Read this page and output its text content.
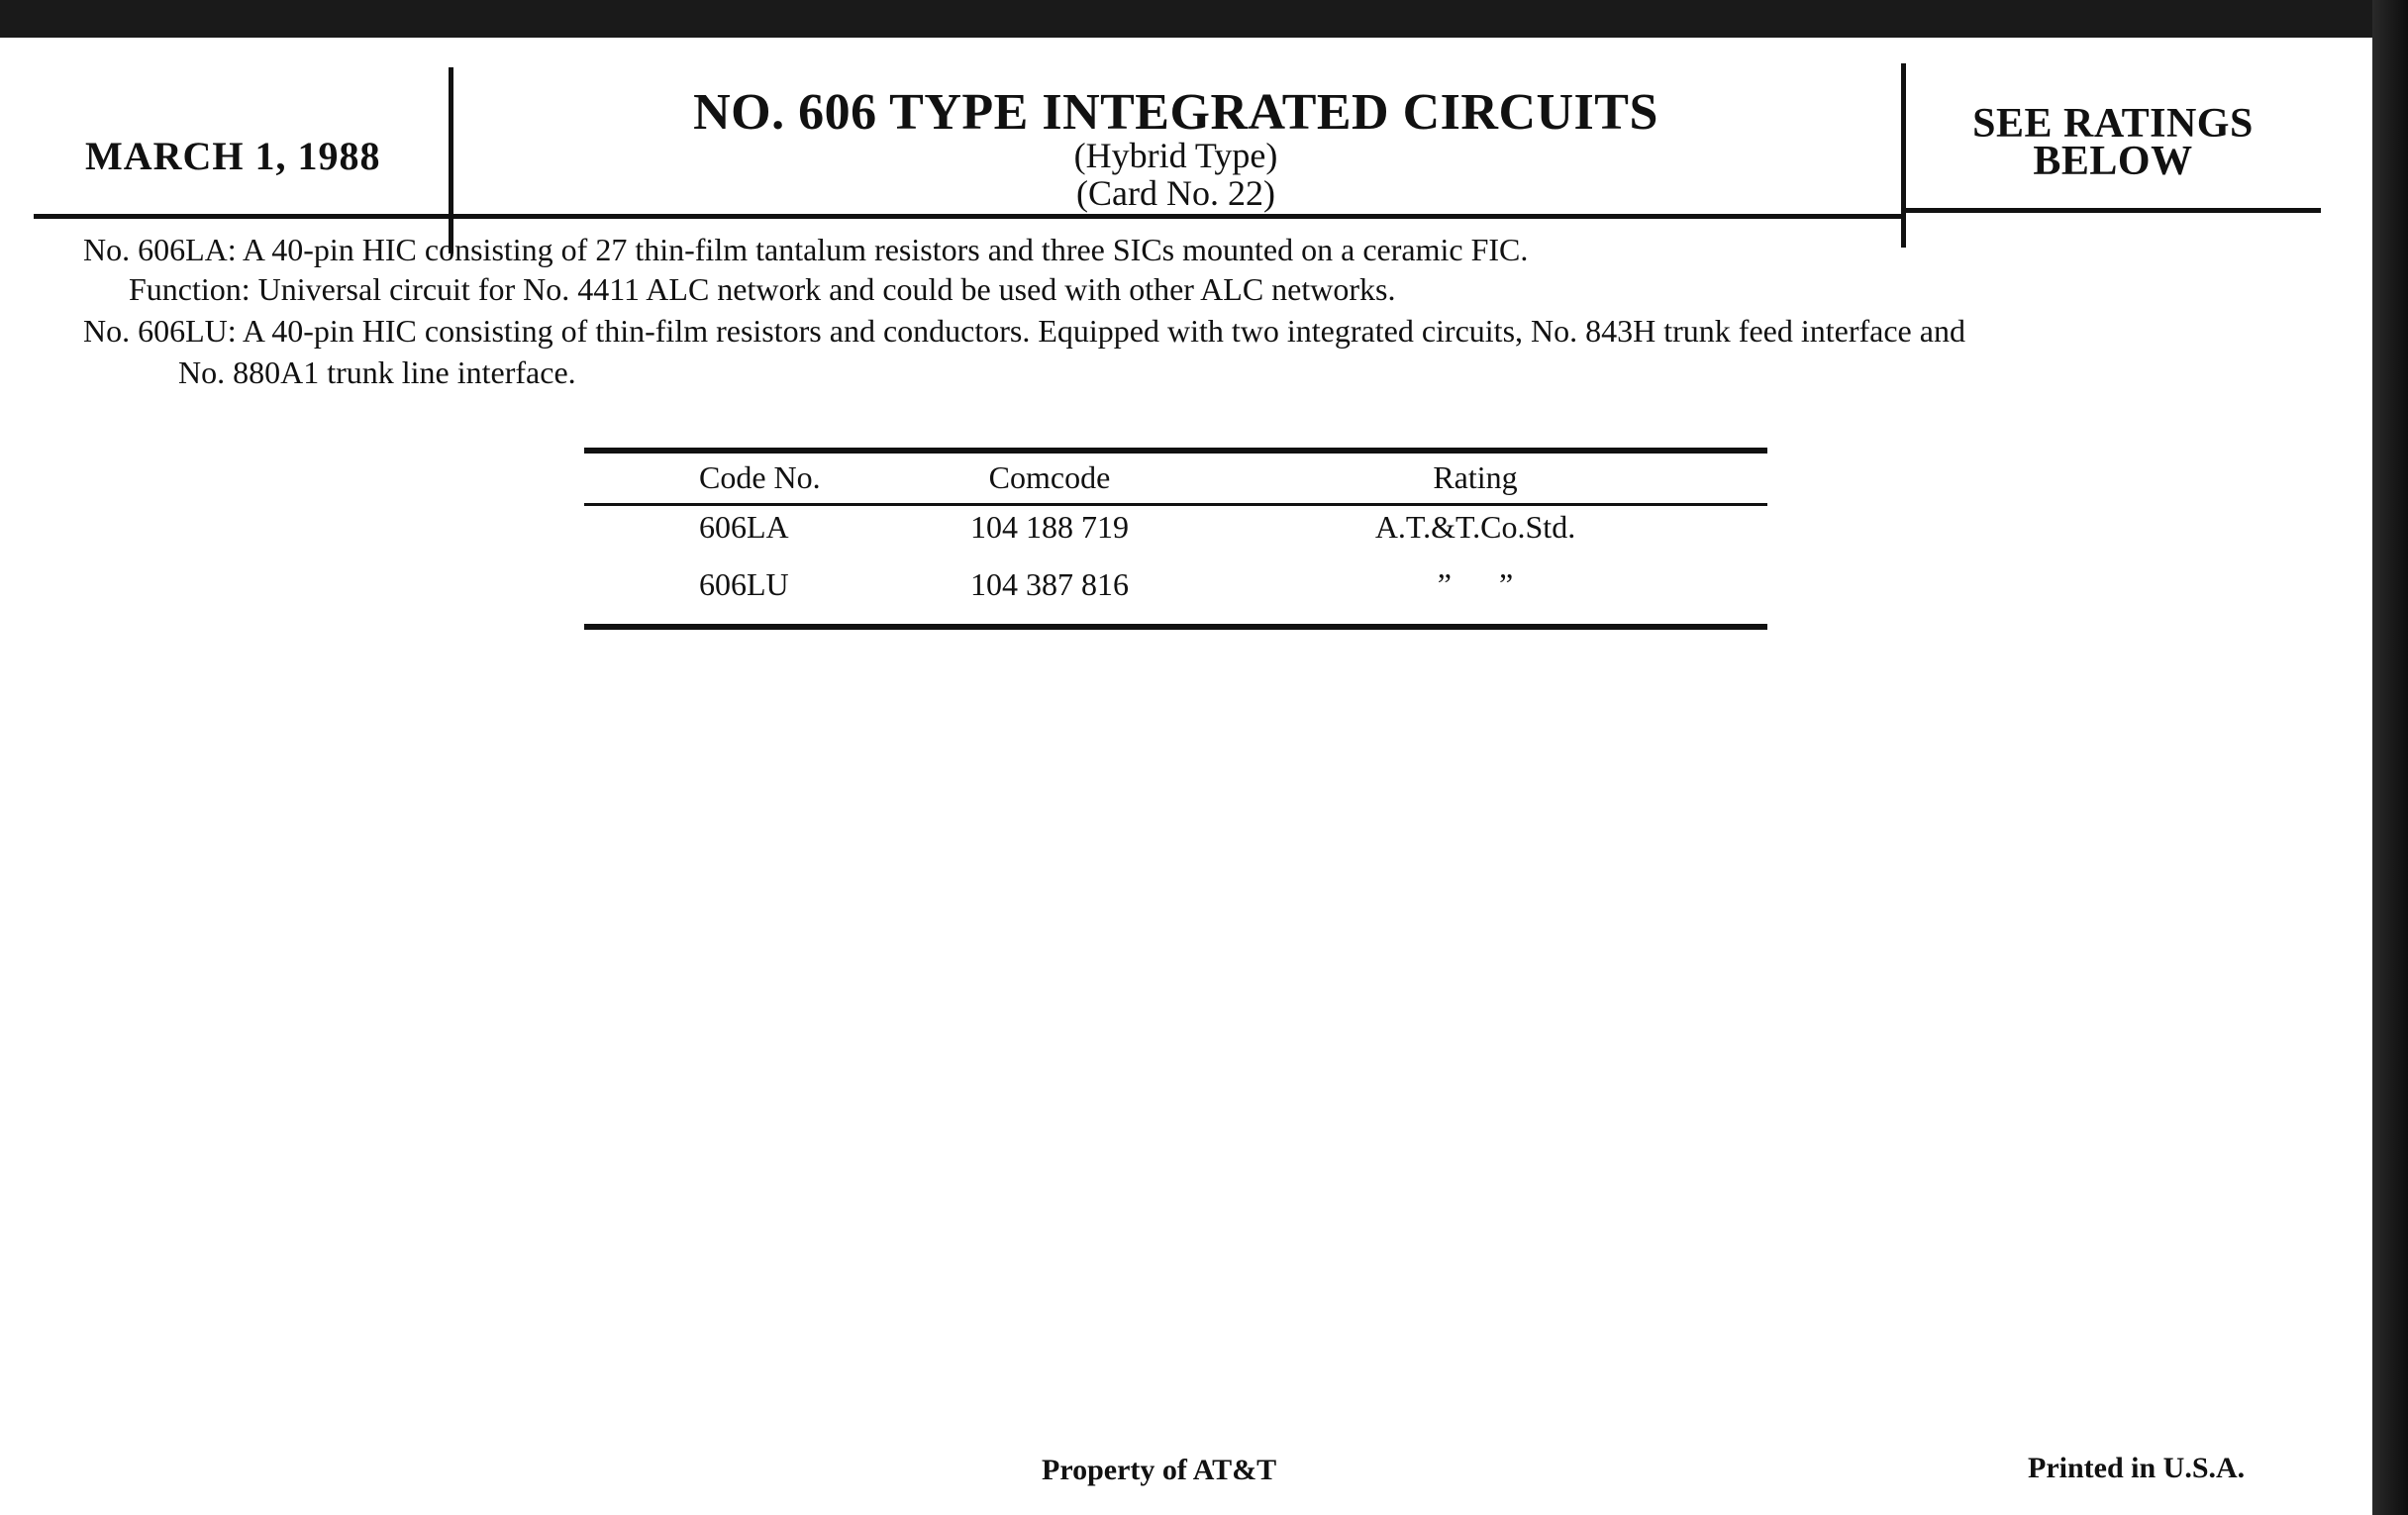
MARCH 1, 1988
NO. 606 TYPE INTEGRATED CIRCUITS
(Hybrid Type)
(Card No. 22)
SEE RATINGS
BELOW
No. 606LA: A 40-pin HIC consisting of 27 thin-film tantalum resistors and three SICs mounted on a ceramic FIC.
Function: Universal circuit for No. 4411 ALC network and could be used with other ALC networks.
No. 606LU: A 40-pin HIC consisting of thin-film resistors and conductors. Equipped with two integrated circuits, No. 843H trunk feed interface and
No. 880A1 trunk line interface.
Code No.	Comcode	Rating
606LA	104 188 719	A.T.&T.Co.Std.
606LU	104 387 816	”      ”
Property of AT&T	Printed in U.S.A.
